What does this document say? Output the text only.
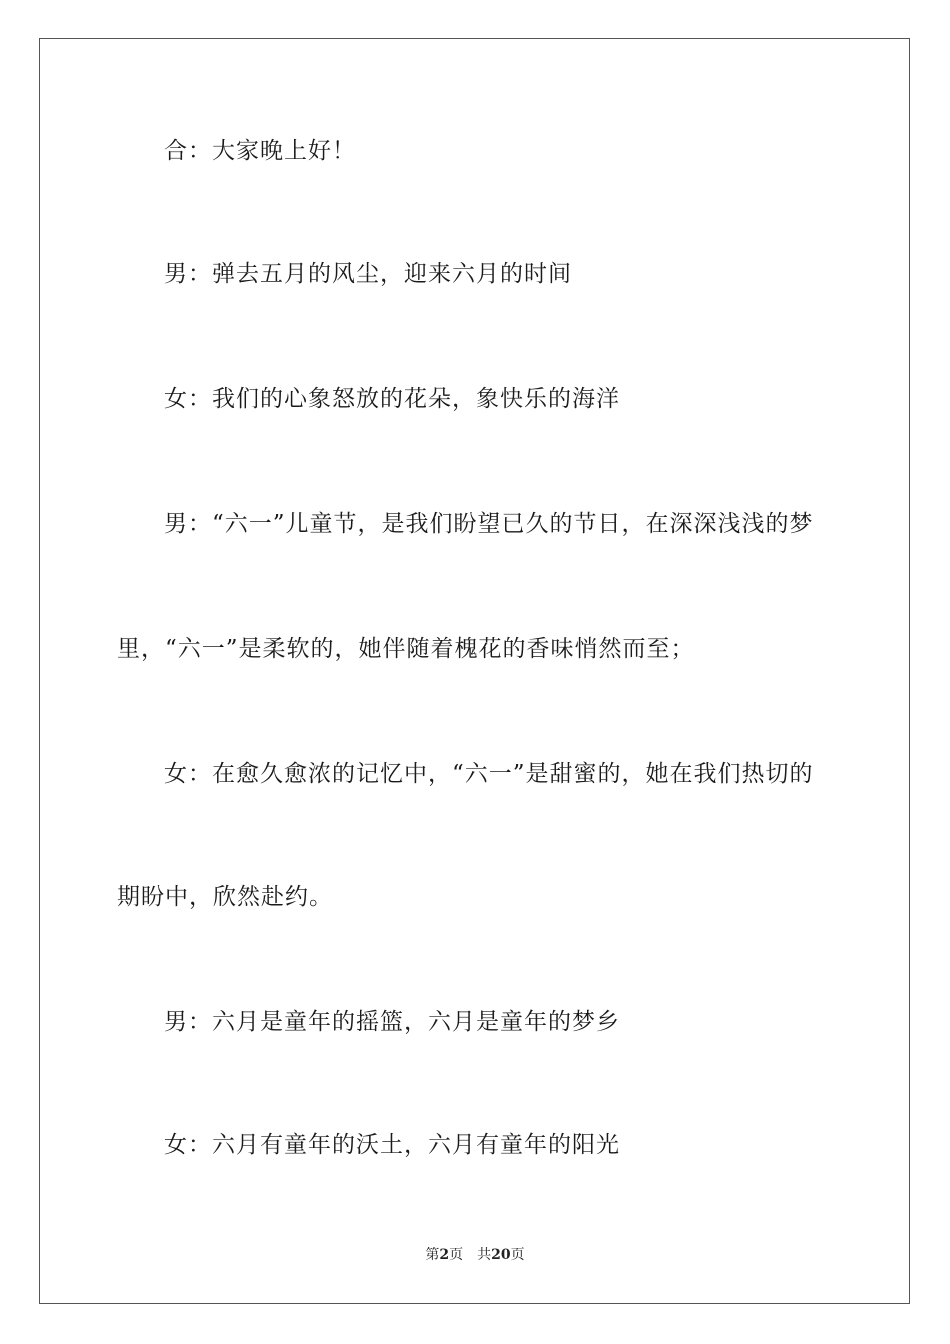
合：大家晚上好！
男：弹去五月的风尘，迎来六月的时间
女：我们的心象怒放的花朵，象快乐的海洋
男：“六一”儿童节，是我们盼望已久的节日，在深深浅浅的梦
里，“六一”是柔软的，她伴随着槐花的香味悄然而至；
女：在愈久愈浓的记忆中，“六一”是甜蜜的，她在我们热切的
期盼中，欣然赴约。
男：六月是童年的摇篮，六月是童年的梦乡
女：六月有童年的沃土，六月有童年的阳光
第2页 共20页
